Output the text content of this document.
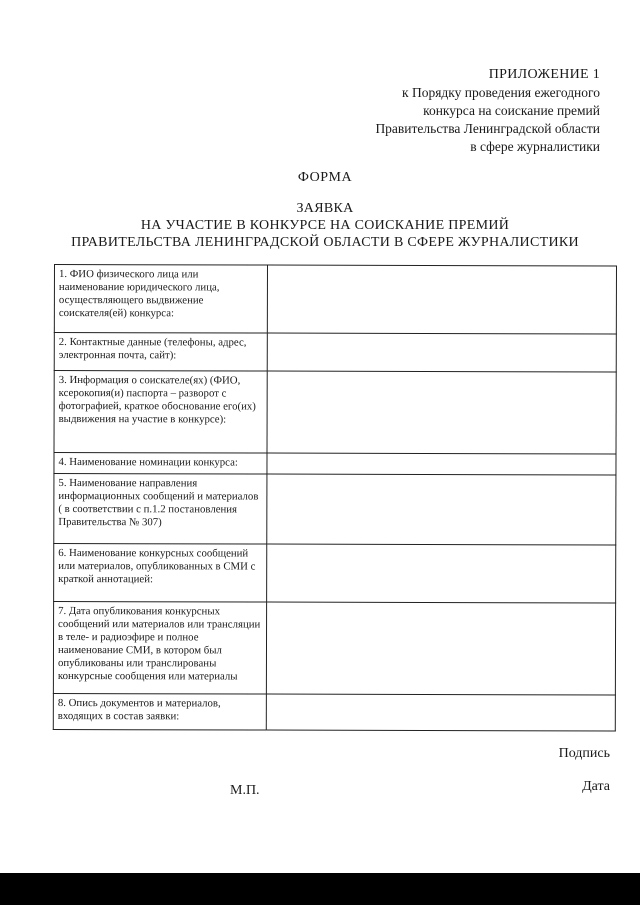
ПРИЛОЖЕНИЕ 1
к Порядку проведения ежегодного
конкурса на соискание премий
Правительства Ленинградской области
в сфере журналистики
ФОРМА
ЗАЯВКА
НА УЧАСТИЕ В КОНКУРСЕ НА СОИСКАНИЕ ПРЕМИЙ
ПРАВИТЕЛЬСТВА ЛЕНИНГРАДСКОЙ ОБЛАСТИ В СФЕРЕ ЖУРНАЛИСТИКИ
1. ФИО физического лица или наименование юридического лица, осуществляющего выдвижение соискателя(ей) конкурса:	
2. Контактные данные (телефоны, адрес, электронная почта, сайт):	
3. Информация о соискателе(ях) (ФИО, ксерокопия(и) паспорта – разворот с фотографией, краткое обоснование его(их) выдвижения на участие в конкурсе):	
4. Наименование номинации конкурса:	
5. Наименование направления информационных сообщений и материалов ( в соответствии с п.1.2 постановления Правительства № 307)	
6. Наименование конкурсных сообщений или материалов, опубликованных в СМИ с краткой аннотацией:	
7. Дата опубликования конкурсных сообщений или материалов или трансляции в теле- и радиоэфире и полное наименование СМИ, в котором был опубликованы или транслированы конкурсные сообщения или материалы	
8. Опись документов и материалов, входящих в состав заявки:	
Подпись
М.П.	Дата
